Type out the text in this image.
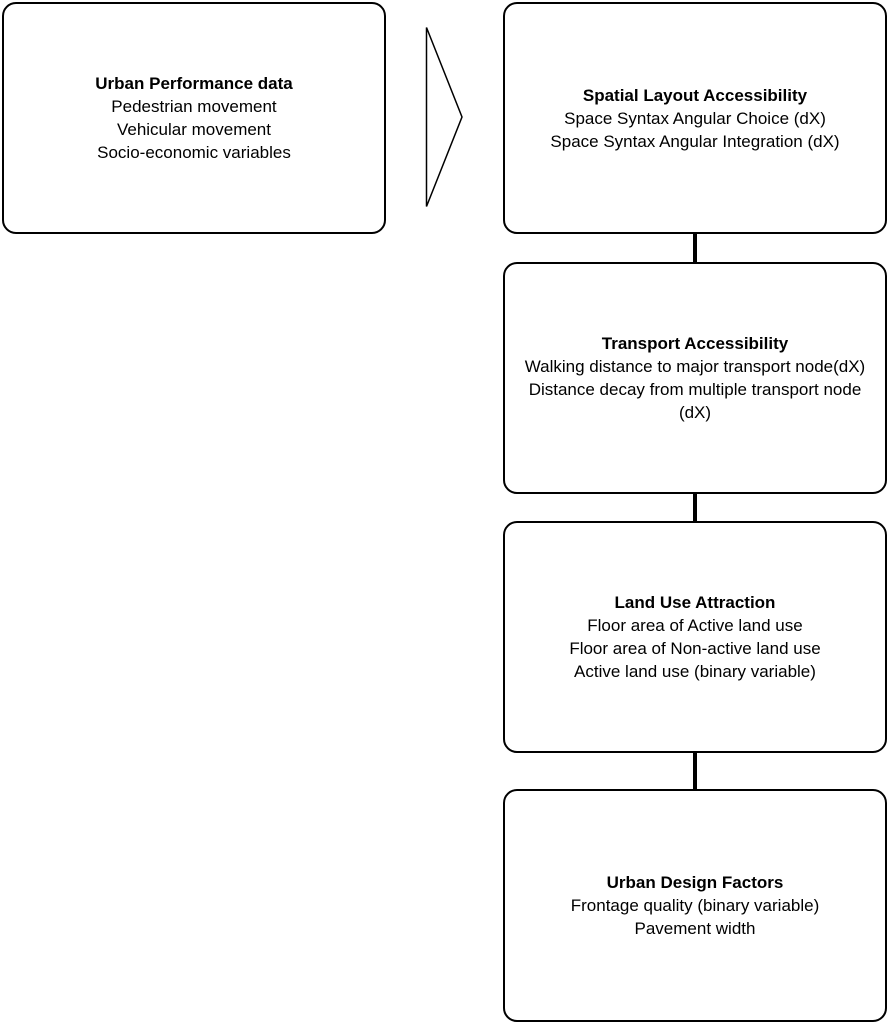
Urban Performance data
Pedestrian movement
Vehicular movement
Socio-economic variables
Spatial Layout Accessibility
Space Syntax Angular Choice (dX)
Space Syntax Angular Integration (dX)
Transport Accessibility
Walking distance to major transport node(dX)
Distance decay from multiple transport node (dX)
Land Use Attraction
Floor area of Active land use
Floor area of Non-active land use
Active land use (binary variable)
Urban Design Factors
Frontage quality (binary variable)
Pavement width
